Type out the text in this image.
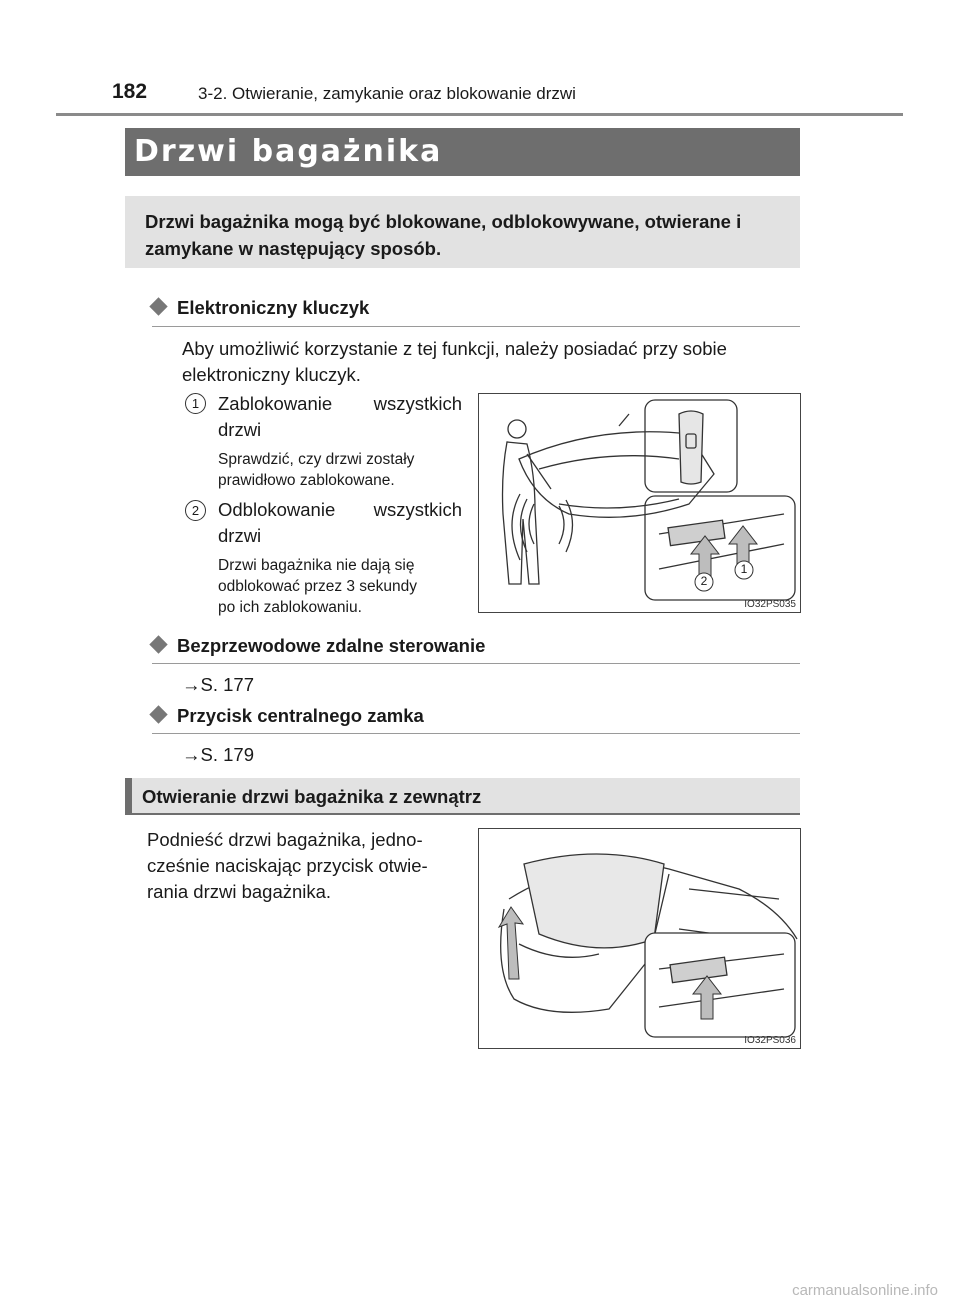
182	3-2. Otwieranie, zamykanie oraz blokowanie drzwi
Drzwi bagażnika

Drzwi bagażnika mogą być blokowane, odblokowywane, otwierane i zamykane w następujący sposób.

Elektroniczny kluczyk
Aby umożliwić korzystanie z tej funkcji, należy posiadać przy sobie elektroniczny kluczyk.
1	Zablokowanie wszystkich
drzwi
Sprawdzić, czy drzwi zostały
prawidłowo zablokowane.
2	Odblokowanie wszystkich
drzwi
Drzwi bagażnika nie dają się
odblokować przez 3 sekundy
po ich zablokowaniu.
2
1
IO32PS035
Bezprzewodowe zdalne sterowanie
→S. 177
Przycisk centralnego zamka
→S. 179
Otwieranie drzwi bagażnika z zewnątrz
Podnieść drzwi bagażnika, jedno-
cześnie naciskając przycisk otwie-
rania drzwi bagażnika.
IO32PS036
carmanualsonline.info
